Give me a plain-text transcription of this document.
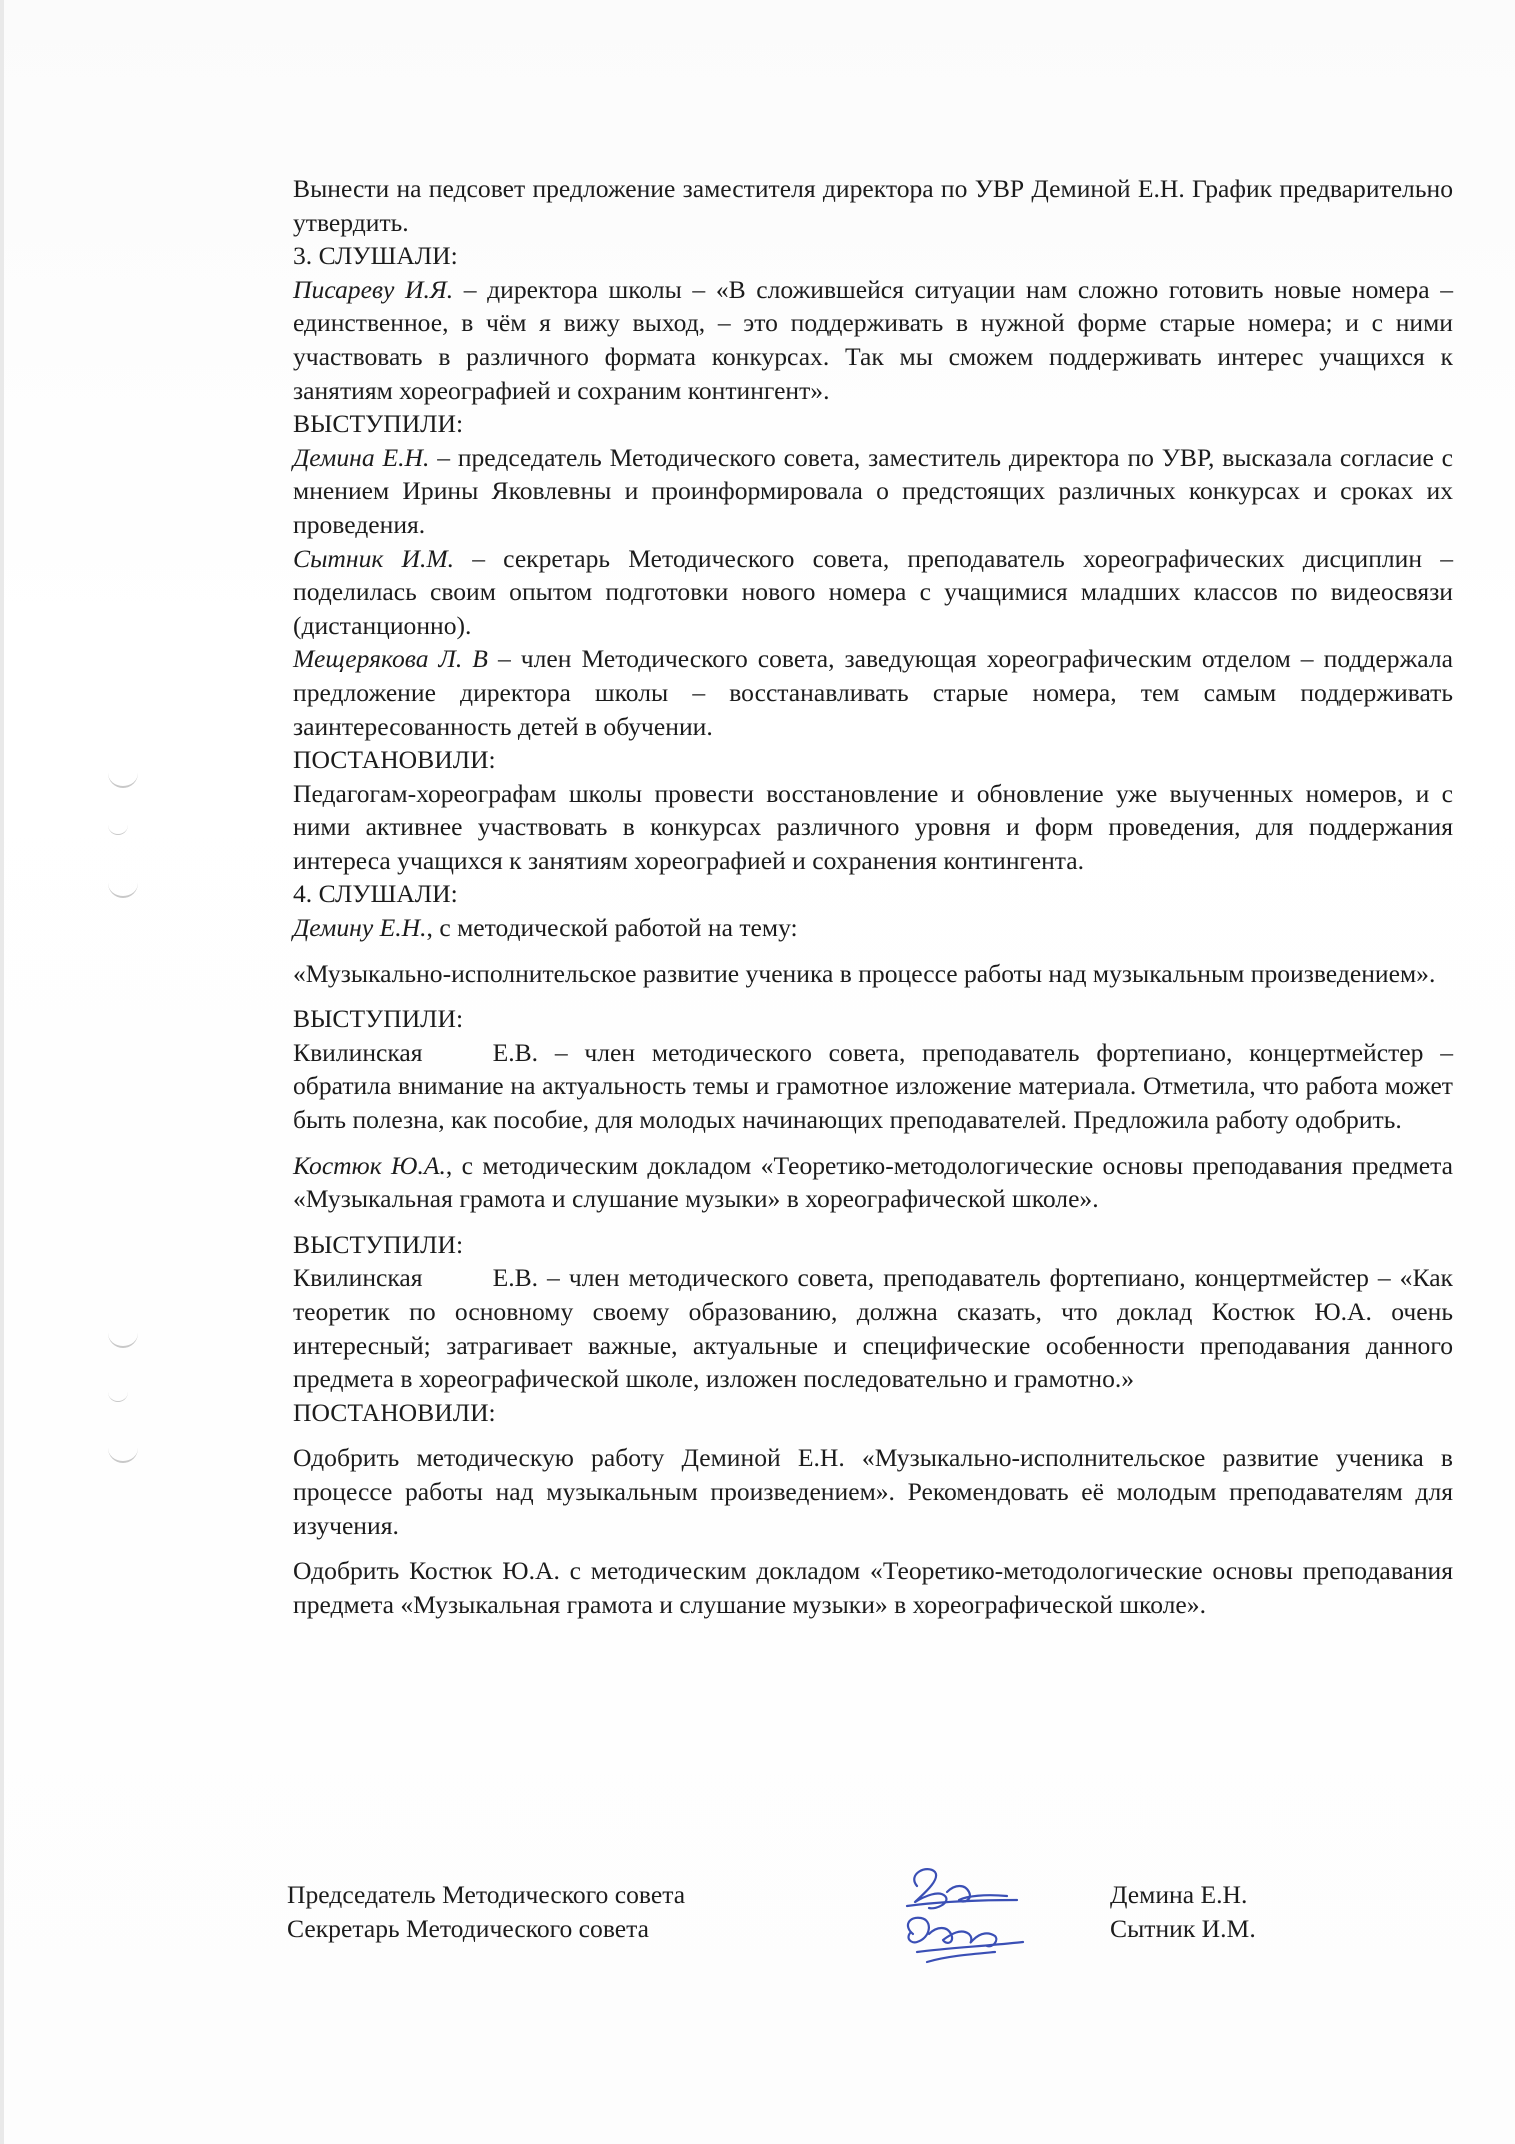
Вынести на педсовет предложение заместителя директора по УВР Деминой Е.Н. График предварительно утвердить.
3. СЛУШАЛИ:
Писареву И.Я. – директора школы – «В сложившейся ситуации нам сложно готовить новые номера – единственное, в чём я вижу выход, – это поддерживать в нужной форме старые номера; и с ними участвовать в различного формата конкурсах. Так мы сможем поддерживать интерес учащихся к занятиям хореографией и сохраним контингент».
ВЫСТУПИЛИ:
Демина Е.Н. – председатель Методического совета, заместитель директора по УВР, высказала согласие с мнением Ирины Яковлевны и проинформировала о предстоящих различных конкурсах и сроках их проведения.
Сытник И.М. – секретарь Методического совета, преподаватель хореографических дисциплин – поделилась своим опытом подготовки нового номера с учащимися младших классов по видеосвязи (дистанционно).
Мещерякова Л. В – член Методического совета, заведующая хореографическим отделом – поддержала предложение директора школы – восстанавливать старые номера, тем самым поддерживать заинтересованность детей в обучении.
ПОСТАНОВИЛИ:
Педагогам-хореографам школы провести восстановление и обновление уже выученных номеров, и с ними активнее участвовать в конкурсах различного уровня и форм проведения, для поддержания интереса учащихся к занятиям хореографией и сохранения контингента.
4. СЛУШАЛИ:
Демину Е.Н., с методической работой на тему:
«Музыкально-исполнительское развитие ученика в процессе работы над музыкальным произведением».
ВЫСТУПИЛИ:
Квилинская	Е.В. – член методического совета, преподаватель фортепиано, концертмейстер – обратила внимание на актуальность темы и грамотное изложение материала. Отметила, что работа может быть полезна, как пособие, для молодых начинающих преподавателей. Предложила работу одобрить.
Костюк Ю.А., с методическим докладом «Теоретико-методологические основы преподавания предмета «Музыкальная грамота и слушание музыки» в хореографической школе».
ВЫСТУПИЛИ:
Квилинская	Е.В. – член методического совета, преподаватель фортепиано, концертмейстер – «Как теоретик по основному своему образованию, должна сказать, что доклад Костюк Ю.А. очень интересный; затрагивает важные, актуальные и специфические особенности преподавания данного предмета в хореографической школе, изложен последовательно и грамотно.»
ПОСТАНОВИЛИ:
Одобрить методическую работу Деминой Е.Н. «Музыкально-исполнительское развитие ученика в процессе работы над музыкальным произведением». Рекомендовать её молодым преподавателям для изучения.
Одобрить Костюк Ю.А. с методическим докладом «Теоретико-методологические основы преподавания предмета «Музыкальная грамота и слушание музыки» в хореографической школе».
Председатель Методического совета
Секретарь Методического совета
Демина Е.Н.
Сытник И.М.
